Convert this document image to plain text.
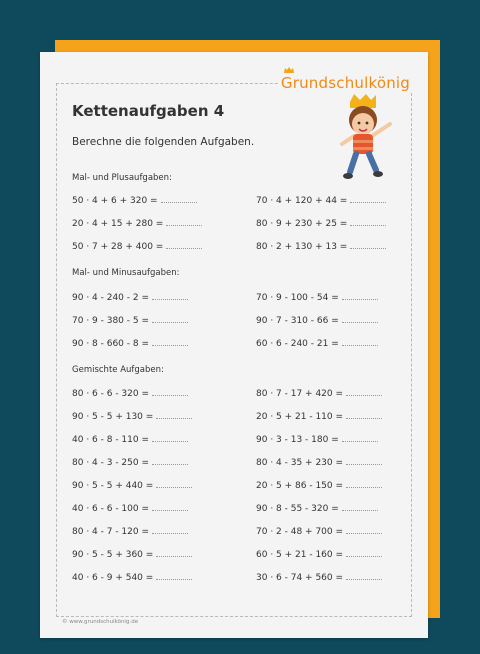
Grundschulkönig
Kettenaufgaben 4
Berechne die folgenden Aufgaben.
Mal- und Plusaufgaben:
50 · 4 + 6 + 320 =
20 · 4 + 15 + 280 =
50 · 7 + 28 + 400 =
70 · 4 + 120 + 44 =
80 · 9 + 230 + 25 =
80 · 2 + 130 + 13 =
Mal- und Minusaufgaben:
90 · 4 - 240 - 2 =
70 · 9 - 380 - 5 =
90 · 8 - 660 - 8 =
70 · 9 - 100 - 54 =
90 · 7 - 310 - 66 =
60 · 6 - 240 - 21 =
Gemischte Aufgaben:
80 · 6 - 6 - 320 =
90 · 5 - 5 + 130 =
40 · 6 - 8 - 110 =
80 · 4 - 3 - 250 =
90 · 5 - 5 + 440 =
40 · 6 - 6 - 100 =
80 · 4 - 7 - 120 =
90 · 5 - 5 + 360 =
40 · 6 - 9 + 540 =
80 · 7 - 17 + 420 =
20 · 5 + 21 - 110 =
90 · 3 - 13 - 180 =
80 · 4 - 35 + 230 =
20 · 5 + 86 - 150 =
90 · 8 - 55 - 320 =
70 · 2 - 48 + 700 =
60 · 5 + 21 - 160 =
30 · 6 - 74 + 560 =
© www.grundschulkönig.de
